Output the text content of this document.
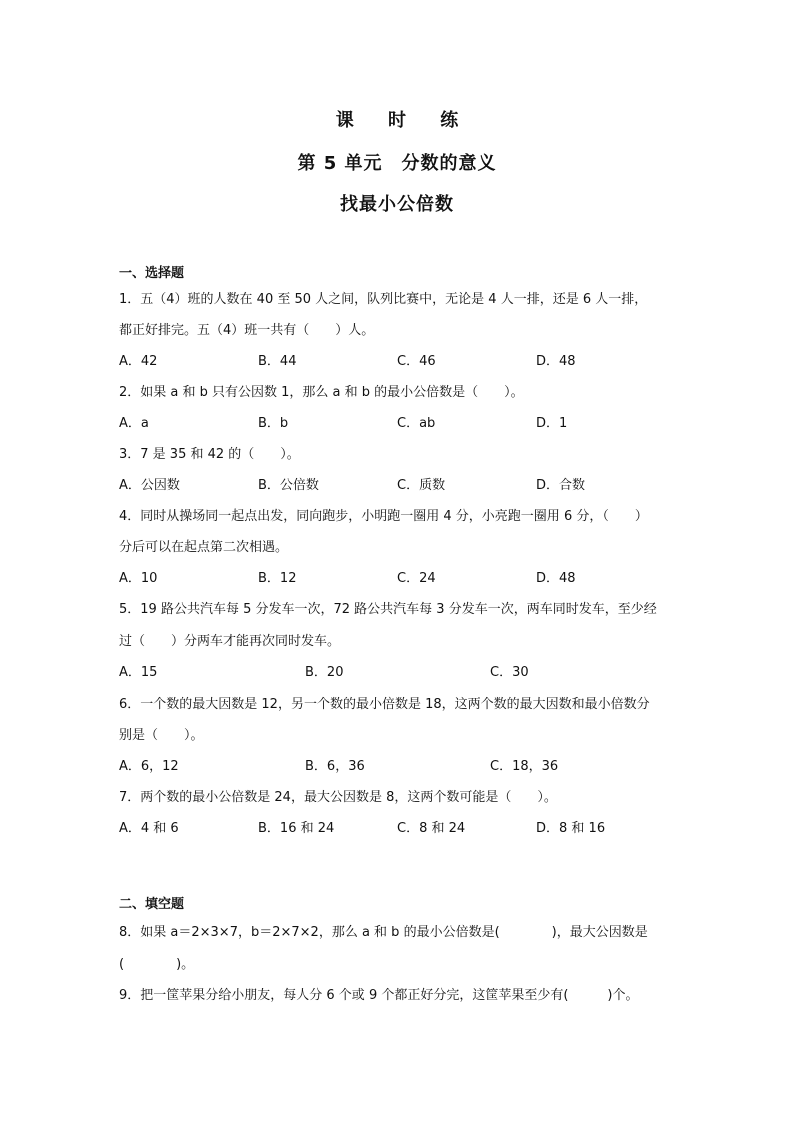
课 时 练
第 5 单元　分数的意义
找最小公倍数
一、选择题
1．五（4）班的人数在 40 至 50 人之间，队列比赛中，无论是 4 人一排，还是 6 人一排，
都正好排完。五（4）班一共有（　　）人。
A．42	B．44	C．46	D．48
2．如果 a 和 b 只有公因数 1，那么 a 和 b 的最小公倍数是（　　）。
A．a	B．b	C．ab	D．1
3．7 是 35 和 42 的（　　）。
A．公因数	B．公倍数	C．质数	D．合数
4．同时从操场同一起点出发，同向跑步，小明跑一圈用 4 分，小亮跑一圈用 6 分，（　　）
分后可以在起点第二次相遇。
A．10	B．12	C．24	D．48
5．19 路公共汽车每 5 分发车一次，72 路公共汽车每 3 分发车一次，两车同时发车，至少经
过（　　）分两车才能再次同时发车。
A．15	B．20	C．30
6．一个数的最大因数是 12，另一个数的最小倍数是 18，这两个数的最大因数和最小倍数分
别是（　　）。
A．6，12	B．6，36	C．18，36
7．两个数的最小公倍数是 24，最大公因数是 8，这两个数可能是（　　）。
A．4 和 6	B．16 和 24	C．8 和 24	D．8 和 16
二、填空题
8．如果 a＝2×3×7，b＝2×7×2，那么 a 和 b 的最小公倍数是(　　　　)，最大公因数是
(　　　　)。
9．把一筐苹果分给小朋友，每人分 6 个或 9 个都正好分完，这筐苹果至少有(　　　)个。
